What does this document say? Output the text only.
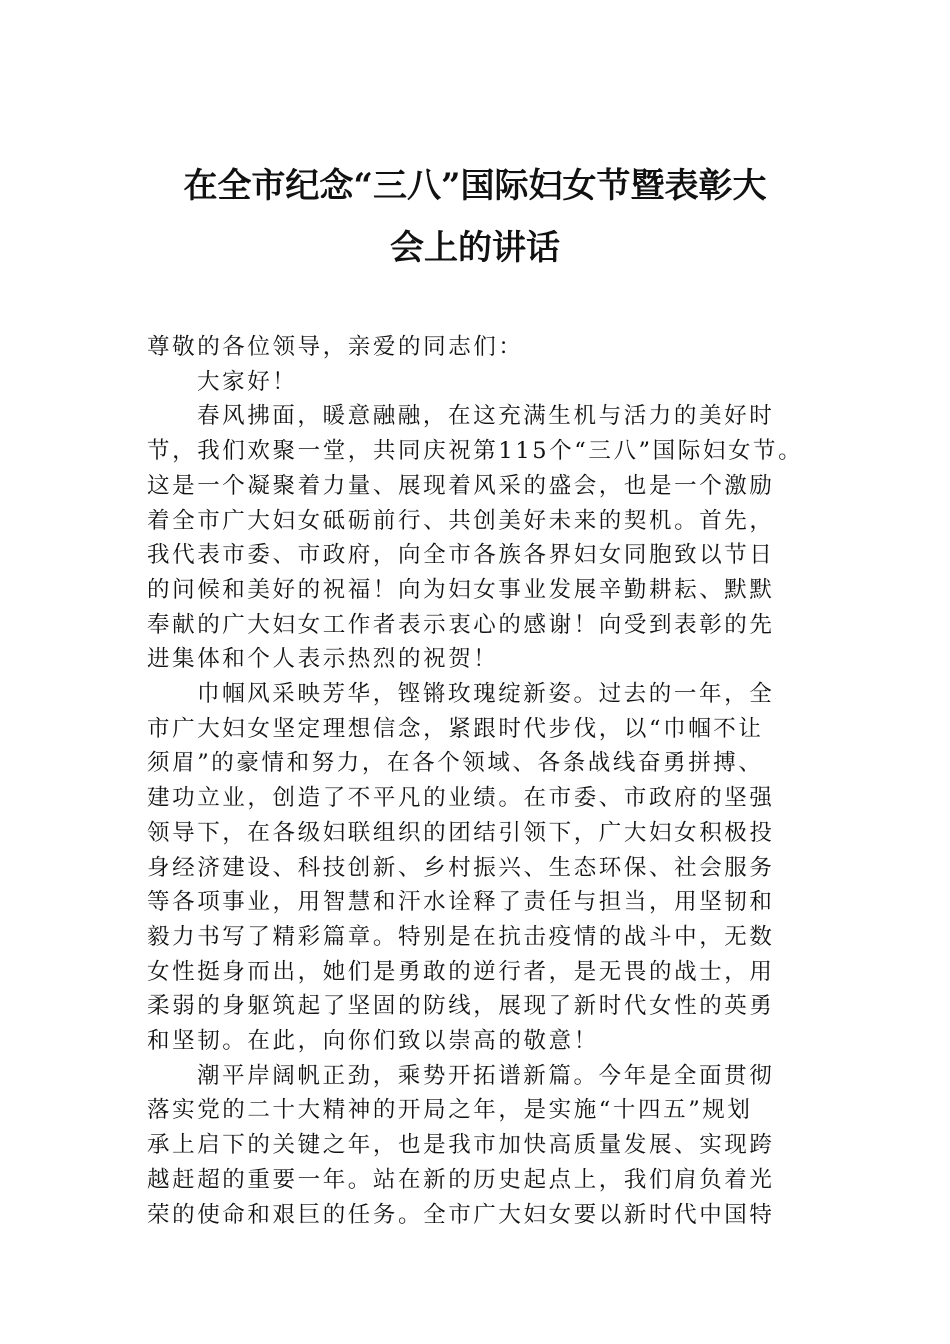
在全市纪念“三八”国际妇女节暨表彰大
会上的讲话
尊敬的各位领导，亲爱的同志们：
大家好！
春风拂面，暖意融融，在这充满生机与活力的美好时
节，我们欢聚一堂，共同庆祝第115个“三八”国际妇女节。
这是一个凝聚着力量、展现着风采的盛会，也是一个激励
着全市广大妇女砥砺前行、共创美好未来的契机。首先，
我代表市委、市政府，向全市各族各界妇女同胞致以节日
的问候和美好的祝福！向为妇女事业发展辛勤耕耘、默默
奉献的广大妇女工作者表示衷心的感谢！向受到表彰的先
进集体和个人表示热烈的祝贺！
巾帼风采映芳华，铿锵玫瑰绽新姿。过去的一年，全
市广大妇女坚定理想信念，紧跟时代步伐，以“巾帼不让
须眉”的豪情和努力，在各个领域、各条战线奋勇拼搏、
建功立业，创造了不平凡的业绩。在市委、市政府的坚强
领导下，在各级妇联组织的团结引领下，广大妇女积极投
身经济建设、科技创新、乡村振兴、生态环保、社会服务
等各项事业，用智慧和汗水诠释了责任与担当，用坚韧和
毅力书写了精彩篇章。特别是在抗击疫情的战斗中，无数
女性挺身而出，她们是勇敢的逆行者，是无畏的战士，用
柔弱的身躯筑起了坚固的防线，展现了新时代女性的英勇
和坚韧。在此，向你们致以崇高的敬意！
潮平岸阔帆正劲，乘势开拓谱新篇。今年是全面贯彻
落实党的二十大精神的开局之年，是实施“十四五”规划
承上启下的关键之年，也是我市加快高质量发展、实现跨
越赶超的重要一年。站在新的历史起点上，我们肩负着光
荣的使命和艰巨的任务。全市广大妇女要以新时代中国特
